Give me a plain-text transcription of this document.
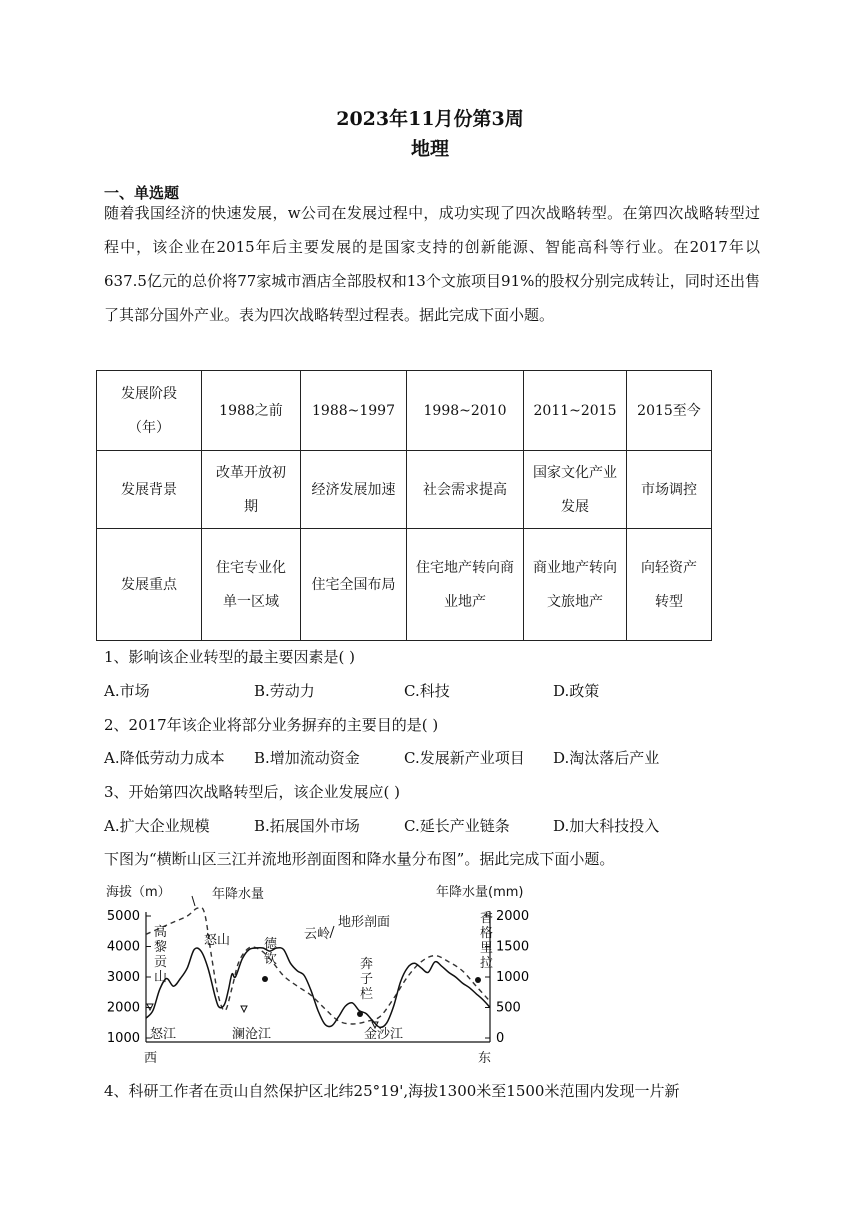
2023年11月份第3周
地理
一、单选题
随着我国经济的快速发展，w公司在发展过程中，成功实现了四次战略转型。在第四次战略转型过程中，该企业在2015年后主要发展的是国家支持的创新能源、智能高科等行业。在2017年以637.5亿元的总价将77家城市酒店全部股权和13个文旅项目91%的股权分别完成转让，同时还出售了其部分国外产业。表为四次战略转型过程表。据此完成下面小题。
发展阶段（年）	1988之前	1988~1997	1998~2010	2011~2015	2015至今
发展背景	改革开放初期	经济发展加速	社会需求提高	国家文化产业发展	市场调控
发展重点	住宅专业化单一区域	住宅全国布局	住宅地产转向商业地产	商业地产转向文旅地产	向轻资产转型
1、影响该企业转型的最主要因素是( )
A.市场	B.劳动力	C.科技	D.政策
2、2017年该企业将部分业务摒弃的主要目的是( )
A.降低劳动力成本 B.增加流动资金	C.发展新产业项目 D.淘汰落后产业
3、开始第四次战略转型后，该企业发展应( )
A.扩大企业规模	B.拓展国外市场	C.延长产业链条	D.加大科技投入
下图为“横断山区三江并流地形剖面图和降水量分布图”。据此完成下面小题。
1000
2000
3000
4000
5000
0
500
1000
1500
2000
海拔（m）	年降水量(mm)
西	东
年降水量
地形剖面
怒山
高黎贡山
德钦
云岭
奔子栏
香格里拉
怒江	澜沧江	金沙江
4、科研工作者在贡山自然保护区北纬25°19',海拔1300米至1500米范围内发现一片新
